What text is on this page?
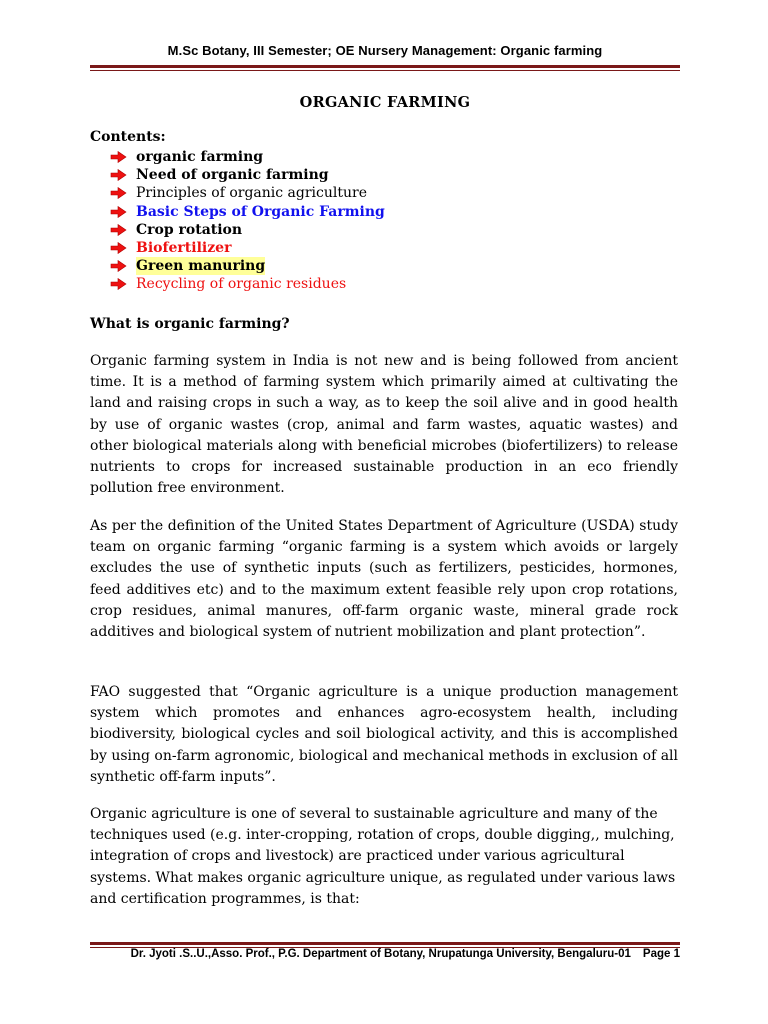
M.Sc Botany, III Semester; OE Nursery Management: Organic farming
ORGANIC FARMING
Contents:
organic farming
Need of organic farming
Principles of organic agriculture
Basic Steps of Organic Farming
Crop rotation
Biofertilizer
Green manuring
Recycling of organic residues
What is organic farming?

Organic farming system in India is not new and is being followed from ancient time. It is a method of farming system which primarily aimed at cultivating the land and raising crops in such a way, as to keep the soil alive and in good health by use of organic wastes (crop, animal and farm wastes, aquatic wastes) and other biological materials along with beneficial microbes (biofertilizers) to release nutrients to crops for increased sustainable production in an eco friendly pollution free environment.

As per the definition of the United States Department of Agriculture (USDA) study team on organic farming “organic farming is a system which avoids or largely excludes the use of synthetic inputs (such as fertilizers, pesticides, hormones, feed additives etc) and to the maximum extent feasible rely upon crop rotations, crop residues, animal manures, off-farm organic waste, mineral grade rock additives and biological system of nutrient mobilization and plant protection”.

FAO suggested that “Organic agriculture is a unique production management system which promotes and enhances agro-ecosystem health, including biodiversity, biological cycles and soil biological activity, and this is accomplished by using on-farm agronomic, biological and mechanical methods in exclusion of all synthetic off-farm inputs”.

Organic agriculture is one of several to sustainable agriculture and many of the techniques used (e.g. inter-cropping, rotation of crops, double digging,, mulching, integration of crops and livestock) are practiced under various agricultural systems. What makes organic agriculture unique, as regulated under various laws and certification programmes, is that:

Dr. Jyoti .S..U.,Asso. Prof., P.G. Department of Botany, Nrupatunga University, Bengaluru-01 Page 1
